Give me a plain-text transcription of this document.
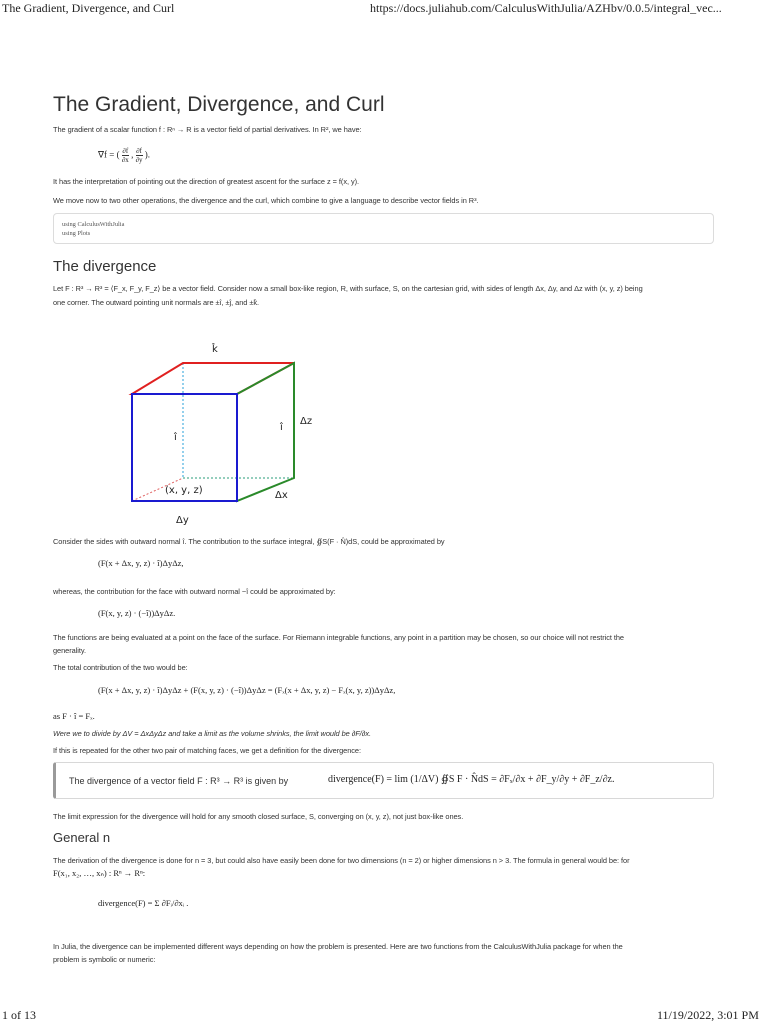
The Gradient, Divergence, and Curl	https://docs.juliahub.com/CalculusWithJulia/AZHbv/0.0.5/integral_vec...
The Gradient, Divergence, and Curl
The gradient of a scalar function f : Rⁿ → R is a vector field of partial derivatives. In R², we have:
∇f = ( $\frac{\partial f}{\partial x}$ , $\frac{\partial f}{\partial y}$ ).
It has the interpretation of pointing out the direction of greatest ascent for the surface z = f(x, y).
We move now to two other operations, the divergence and the curl, which combine to give a language to describe vector fields in R³.
using CalculusWithJulia
using Plots
The divergence
Let F : R³ → R³ = ⟨F_x, F_y, F_z⟩ be a vector field. Consider now a small box-like region, R, with surface, S, on the cartesian grid, with sides of length Δx, Δy, and Δz with (x, y, z) being
one corner. The outward pointing unit normals are ±î, ±ĵ, and ±k̂.
k̂
î
î
Δz
Δx
Δy
(x, y, z)
Consider the sides with outward normal î. The contribution to the surface integral, ∯S(F · N̂)dS, could be approximated by
(F(x + Δx, y, z) · î)ΔyΔz,
whereas, the contribution for the face with outward normal −î could be approximated by:
(F(x, y, z) · (−î))ΔyΔz.
The functions are being evaluated at a point on the face of the surface. For Riemann integrable functions, any point in a partition may be chosen, so our choice will not restrict the
generality.
The total contribution of the two would be:
(F(x + Δx, y, z) · î)ΔyΔz + (F(x, y, z) · (−î))ΔyΔz = (Fₓ(x + Δx, y, z) − Fₓ(x, y, z))ΔyΔz,
as F · î = Fₓ.
Were we to divide by ΔV = ΔxΔyΔz and take a limit as the volume shrinks, the limit would be ∂F/∂x.
If this is repeated for the other two pair of matching faces, we get a definition for the divergence:
The divergence of a vector field F : R³ → R³ is given by	divergence(F) = lim (1/ΔV) ∯S F · N̂dS = ∂Fₓ/∂x + ∂F_y/∂y + ∂F_z/∂z.
The limit expression for the divergence will hold for any smooth closed surface, S, converging on (x, y, z), not just box-like ones.
General n
The derivation of the divergence is done for n = 3, but could also have easily been done for two dimensions (n = 2) or higher dimensions n > 3. The formula in general would be: for
F(x₁, x₂, …, xₙ) : Rⁿ → Rⁿ:
divergence(F) = Σ ∂Fᵢ/∂xᵢ .
In Julia, the divergence can be implemented different ways depending on how the problem is presented. Here are two functions from the CalculusWithJulia package for when the
problem is symbolic or numeric:
1 of 13	11/19/2022, 3:01 PM
